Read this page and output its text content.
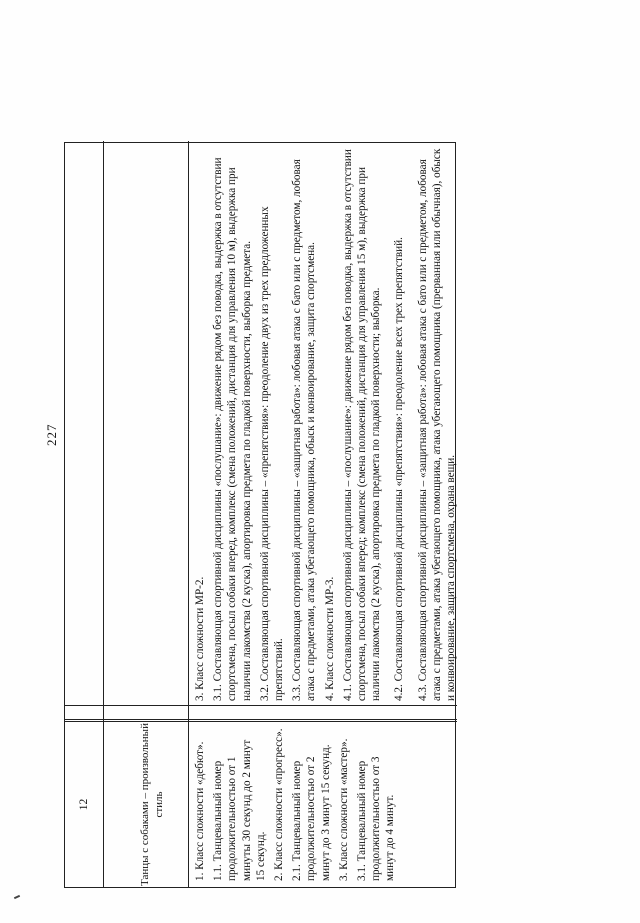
227
12	Танцы с собаками – произвольный стиль	1. Класс сложности «дебют». 1.1. Танцевальный номер продолжительностью от 1 минуты 30 секунд до 2 минут 15 секунд. 2. Класс сложности «прогресс». 2.1. Танцевальный номер продолжительностью от 2 минут до 3 минут 15 секунд. 3. Класс сложности «мастер». 3.1. Танцевальный номер продолжительностью от 3 минут до 4 минут.

3. Класс сложности МР-2. 3.1. Составляющая спортивной дисциплины «послушание»: движение рядом без поводка, выдержка в отсутствии спортсмена, посыл собаки вперед, комплекс (смена положений, дистанция для управления 10 м), выдержка при наличии лакомства (2 куска), апортировка предмета по гладкой поверхности, выборка предмета. 3.2. Составляющая спортивной дисциплины – «препятствия»: преодоление двух из трех предложенных препятствий. 3.3. Составляющая спортивной дисциплины – «защитная работа»: лобовая атака с бато или с предметом, лобовая атака с предметами, атака убегающего помощника, обыск и конвоирование, защита спортсмена. 4. Класс сложности МР-3. 4.1. Составляющая спортивной дисциплины – «послушание»: движение рядом без поводка, выдержка в отсутствии спортсмена, посыл собаки вперед; комплекс (смена положений, дистанция для управления 15 м), выдержка при наличии лакомства (2 куска), апортировка предмета по гладкой поверхности; выборка. 4.2. Составляющая спортивной дисциплины «препятствия»: преодоление всех трех препятствий. 4.3. Составляющая спортивной дисциплины – «защитная работа»: лобовая атака с бато или с предметом, лобовая атака с предметами, атака убегающего помощника, атака убегающего помощника (прерванная или обычная), обыск и конвоирование, защита спортсмена, охрана вещи.
